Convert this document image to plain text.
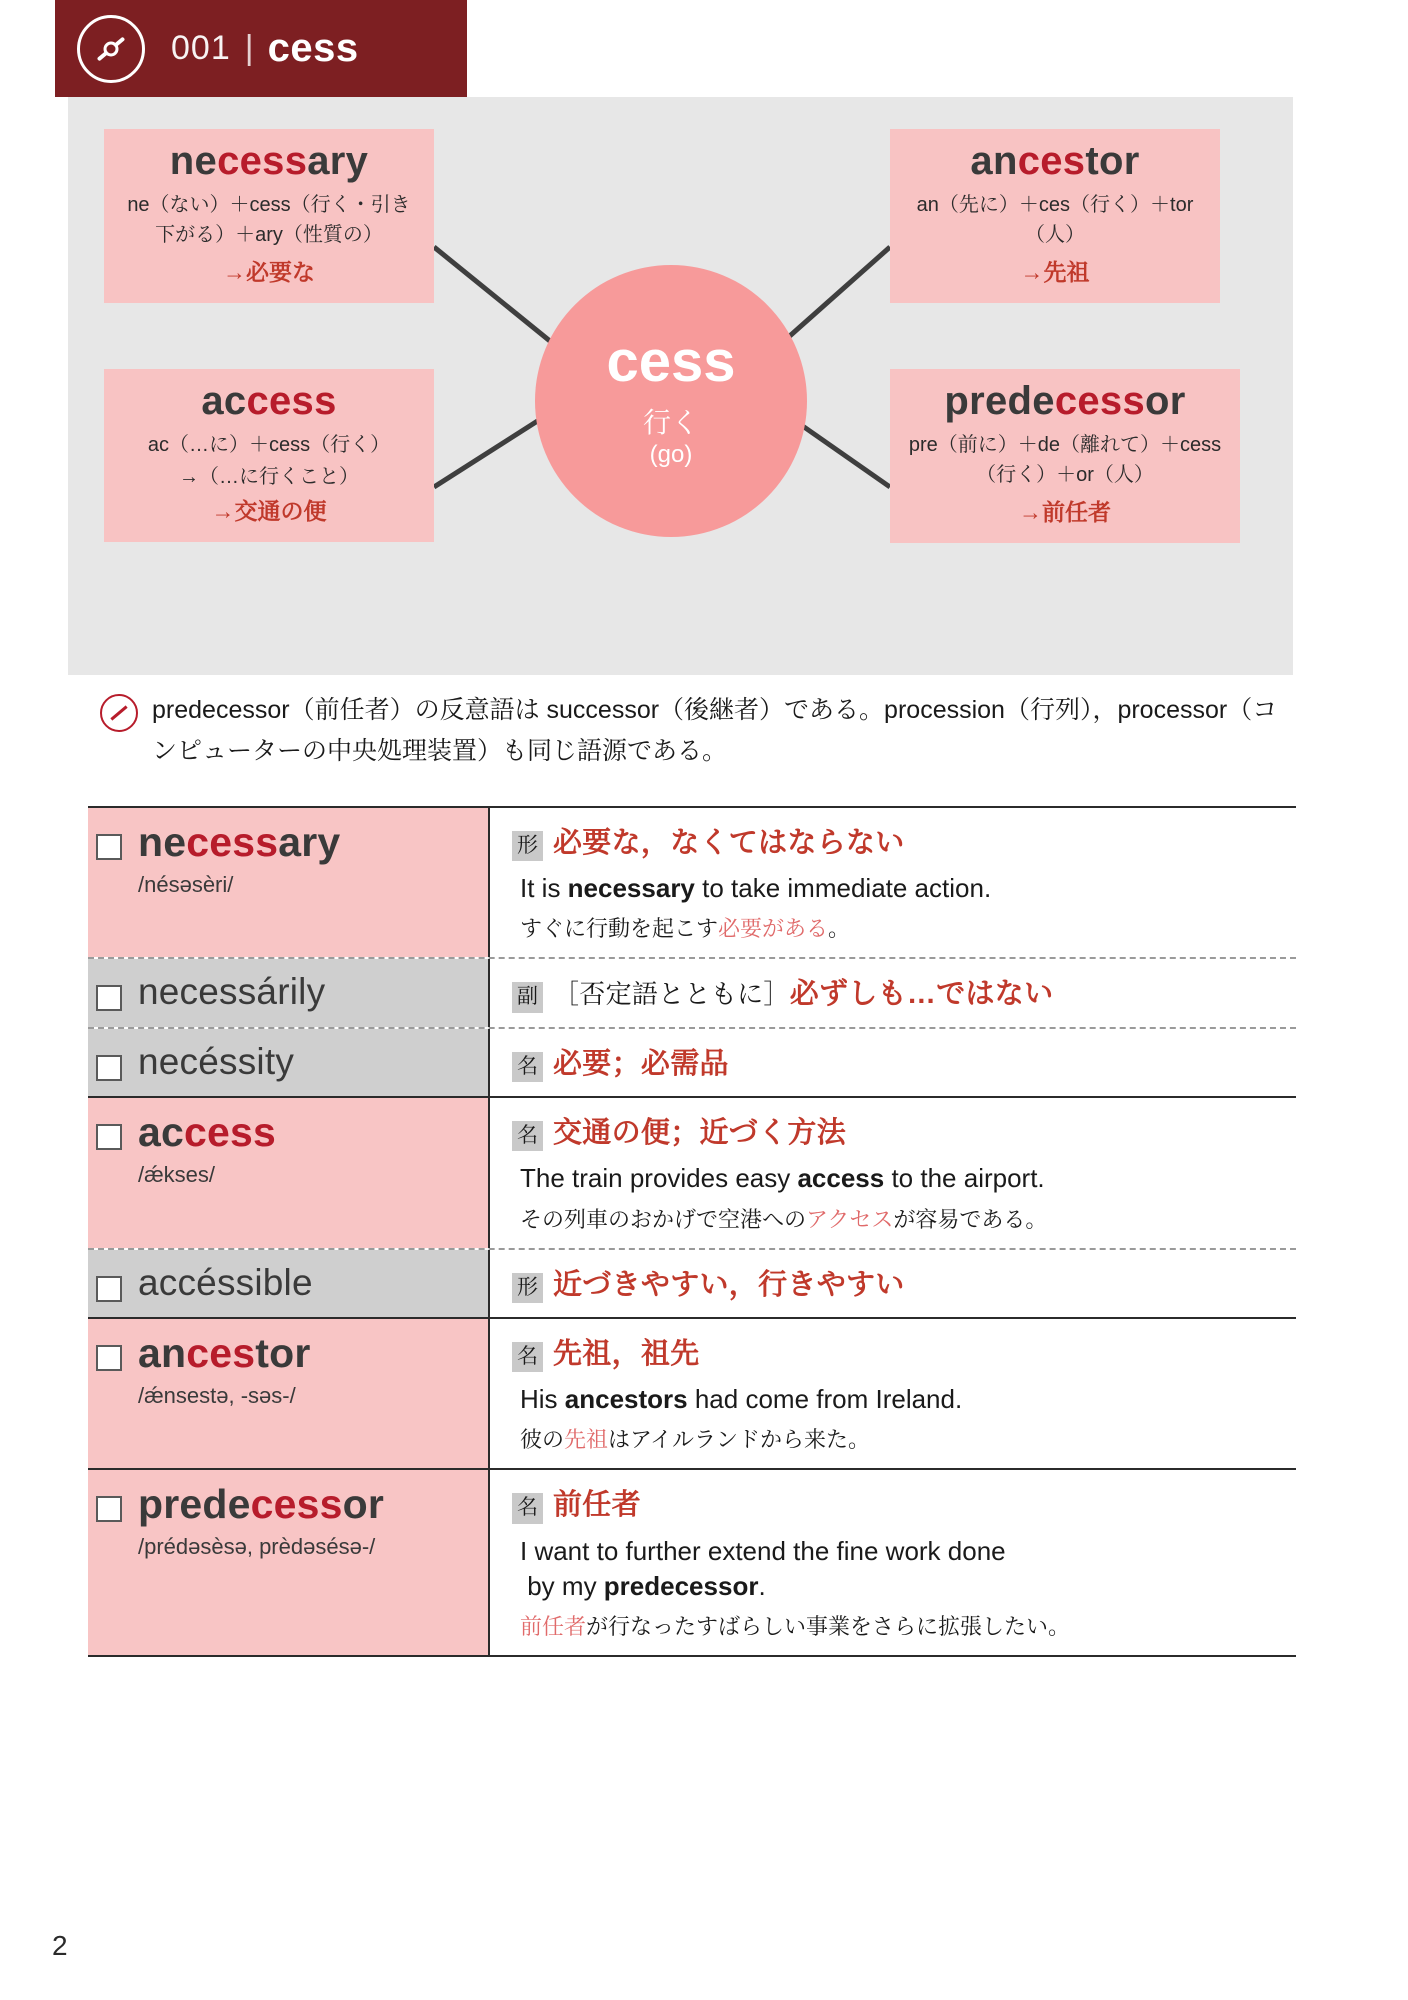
001 | cess
necessary
ne（ない）＋cess（行く・引き下がる）＋ary（性質の）
→必要な
access
ac（…に）＋cess（行く）
→（…に行くこと）
→交通の便
ancestor
an（先に）＋ces（行く）＋tor（人）
→先祖
predecessor
pre（前に）＋de（離れて）＋cess（行く）＋or（人）
→前任者
cess
行く
(go)
predecessor（前任者）の反意語は successor（後継者）である。procession（行列），processor（コンピューターの中央処理装置）も同じ語源である。
necessary
/nésəsèri/
形 必要な，なくてはならない
It is necessary to take immediate action.
すぐに行動を起こす必要がある。
necessárily	副 ［否定語とともに］必ずしも…ではない
necéssity	名 必要；必需品
access
/ǽkses/
名 交通の便；近づく方法
The train provides easy access to the airport.
その列車のおかげで空港へのアクセスが容易である。
accéssible	形 近づきやすい，行きやすい
ancestor
/ǽnsestə, -səs-/
名 先祖，祖先
His ancestors had come from Ireland.
彼の先祖はアイルランドから来た。
predecessor
/prédəsèsə, prèdəsésə-/
名 前任者
I want to further extend the fine work done
by my predecessor.
前任者が行なったすばらしい事業をさらに拡張したい。
2
